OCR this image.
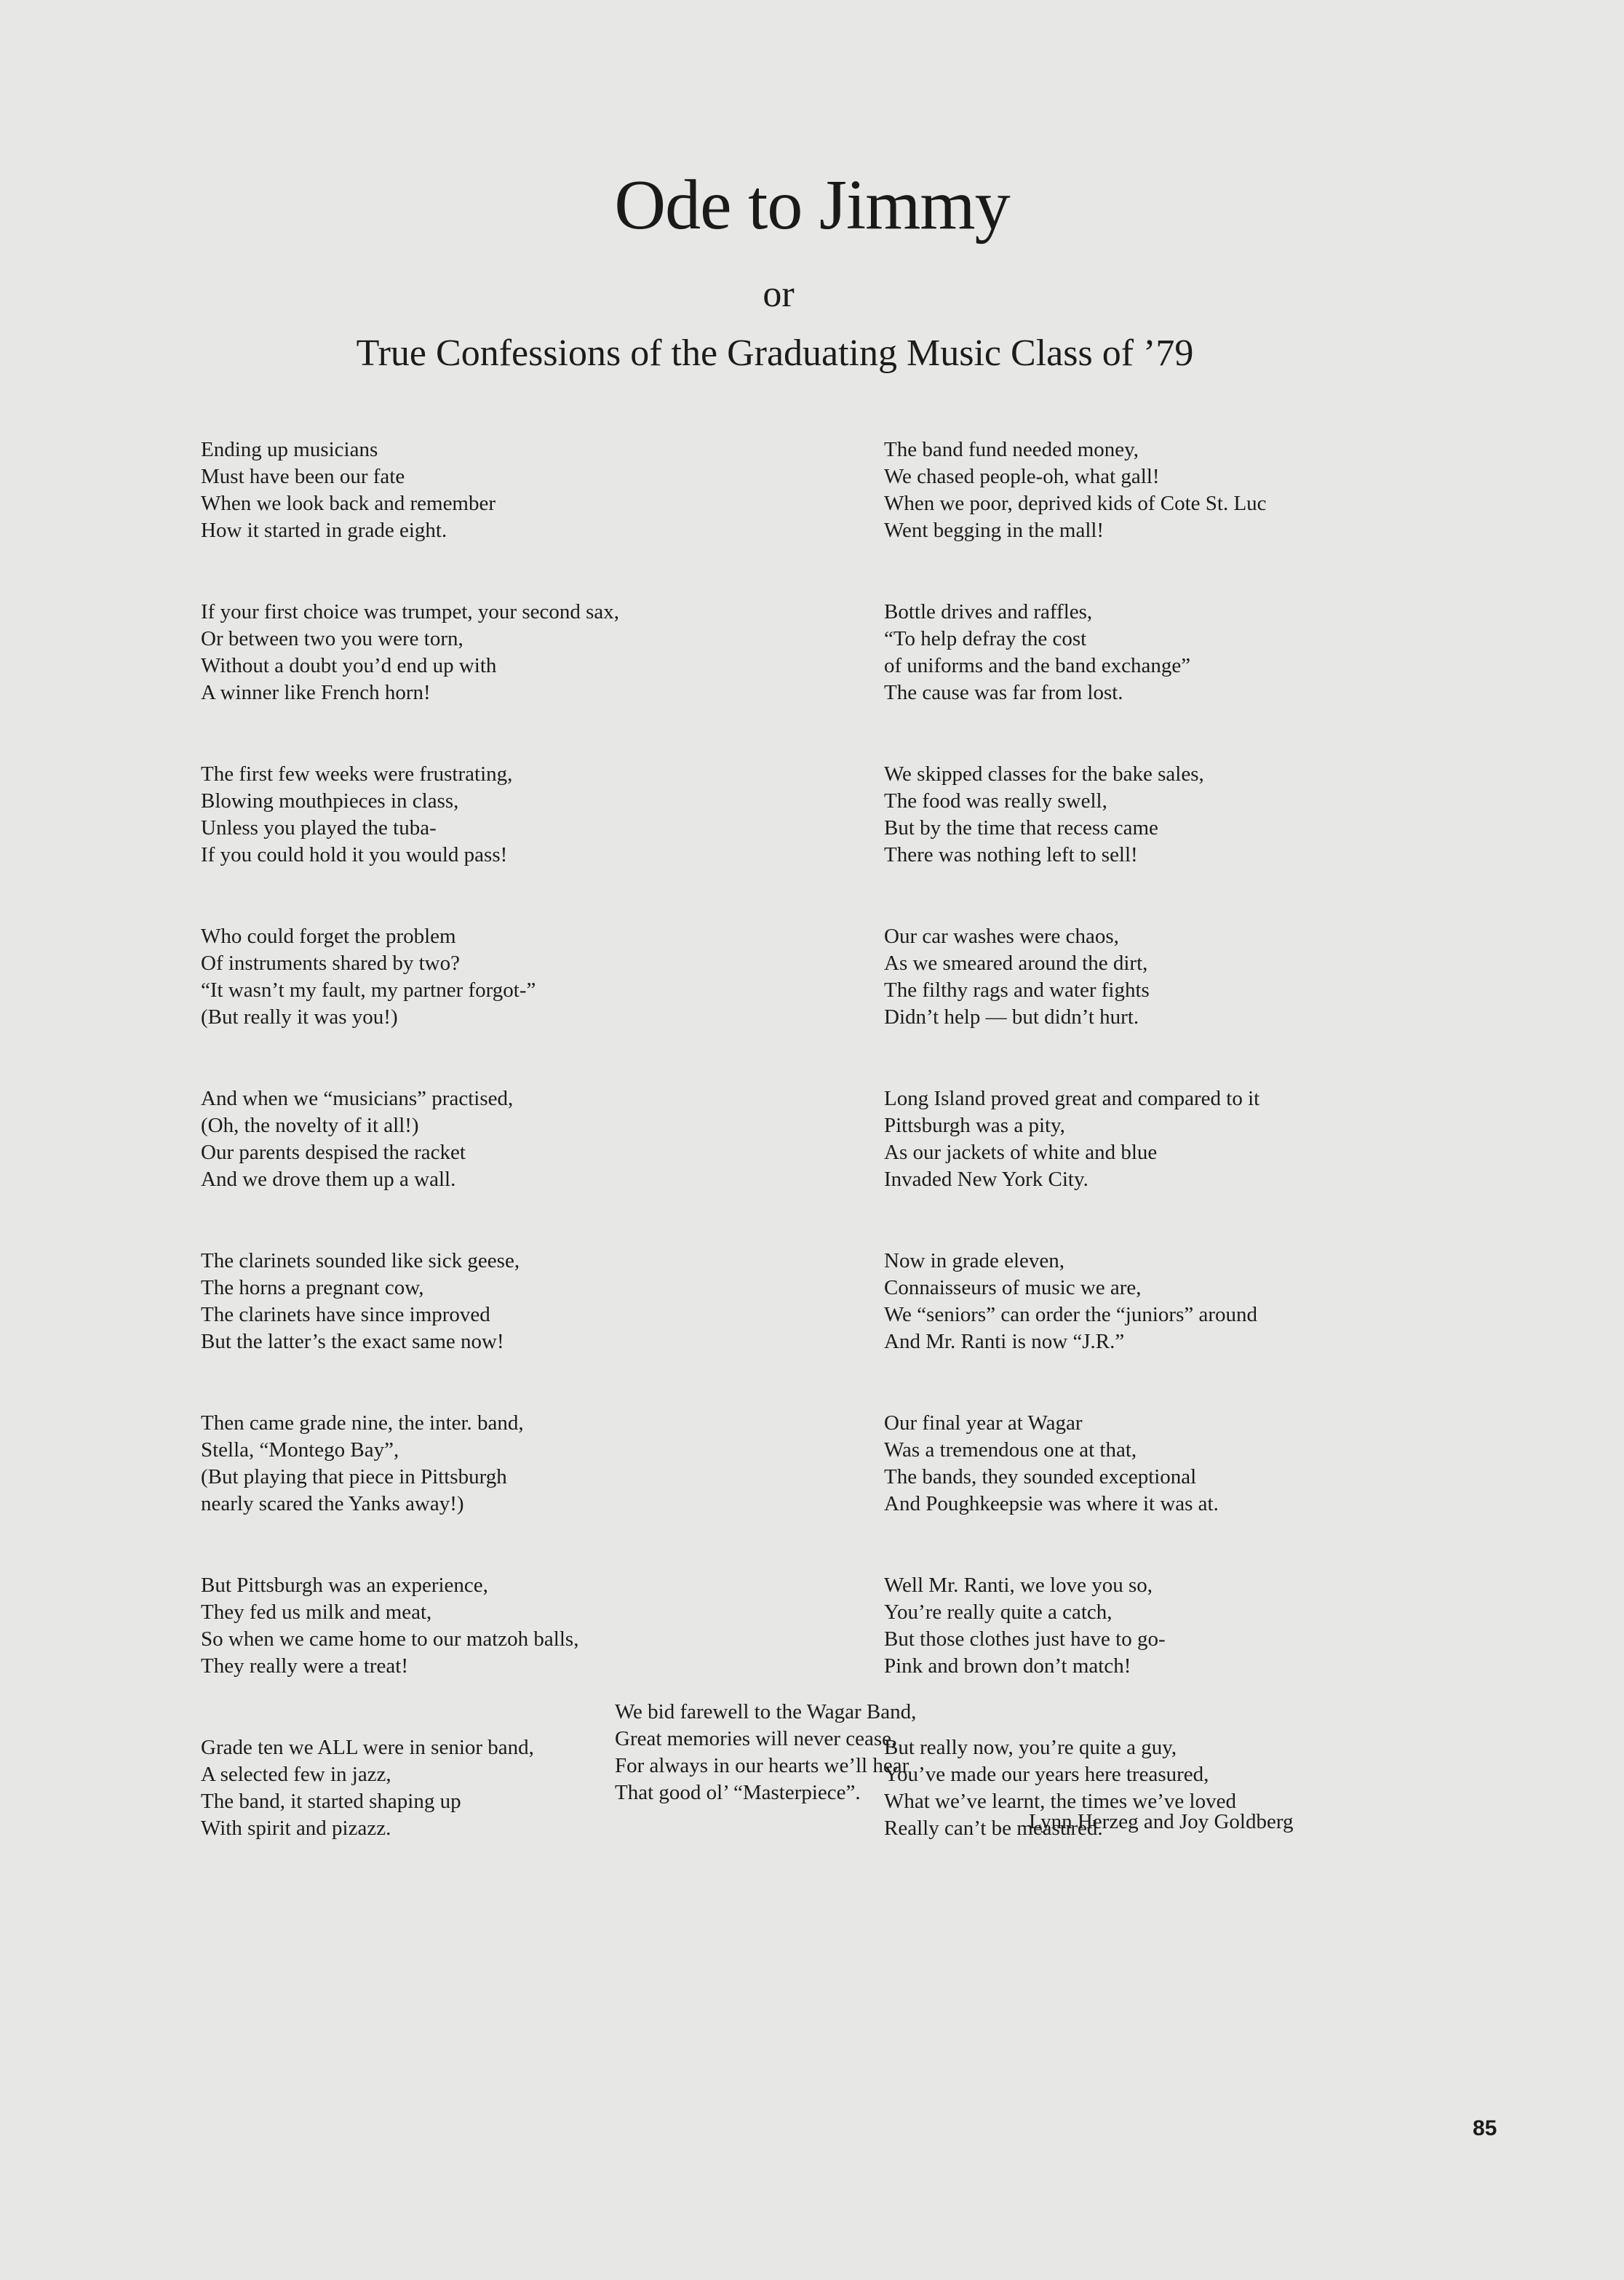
Ode to Jimmy
or
True Confessions of the Graduating Music Class of ’79
Ending up musicians
Must have been our fate
When we look back and remember
How it started in grade eight.
If your first choice was trumpet, your second sax,
Or between two you were torn,
Without a doubt you’d end up with
A winner like French horn!
The first few weeks were frustrating,
Blowing mouthpieces in class,
Unless you played the tuba-
If you could hold it you would pass!
Who could forget the problem
Of instruments shared by two?
“It wasn’t my fault, my partner forgot-”
(But really it was you!)
And when we “musicians” practised,
(Oh, the novelty of it all!)
Our parents despised the racket
And we drove them up a wall.
The clarinets sounded like sick geese,
The horns a pregnant cow,
The clarinets have since improved
But the latter’s the exact same now!
Then came grade nine, the inter. band,
Stella, “Montego Bay”,
(But playing that piece in Pittsburgh
nearly scared the Yanks away!)
But Pittsburgh was an experience,
They fed us milk and meat,
So when we came home to our matzoh balls,
They really were a treat!
Grade ten we ALL were in senior band,
A selected few in jazz,
The band, it started shaping up
With spirit and pizazz.
The band fund needed money,
We chased people-oh, what gall!
When we poor, deprived kids of Cote St. Luc
Went begging in the mall!
Bottle drives and raffles,
“To help defray the cost
of uniforms and the band exchange”
The cause was far from lost.
We skipped classes for the bake sales,
The food was really swell,
But by the time that recess came
There was nothing left to sell!
Our car washes were chaos,
As we smeared around the dirt,
The filthy rags and water fights
Didn’t help — but didn’t hurt.
Long Island proved great and compared to it
Pittsburgh was a pity,
As our jackets of white and blue
Invaded New York City.
Now in grade eleven,
Connaisseurs of music we are,
We “seniors” can order the “juniors” around
And Mr. Ranti is now “J.R.”
Our final year at Wagar
Was a tremendous one at that,
The bands, they sounded exceptional
And Poughkeepsie was where it was at.
Well Mr. Ranti, we love you so,
You’re really quite a catch,
But those clothes just have to go-
Pink and brown don’t match!
But really now, you’re quite a guy,
You’ve made our years here treasured,
What we’ve learnt, the times we’ve loved
Really can’t be measured.
We bid farewell to the Wagar Band,
Great memories will never cease,
For always in our hearts we’ll hear
That good ol’ “Masterpiece”.
Lynn Herzeg and Joy Goldberg
85
